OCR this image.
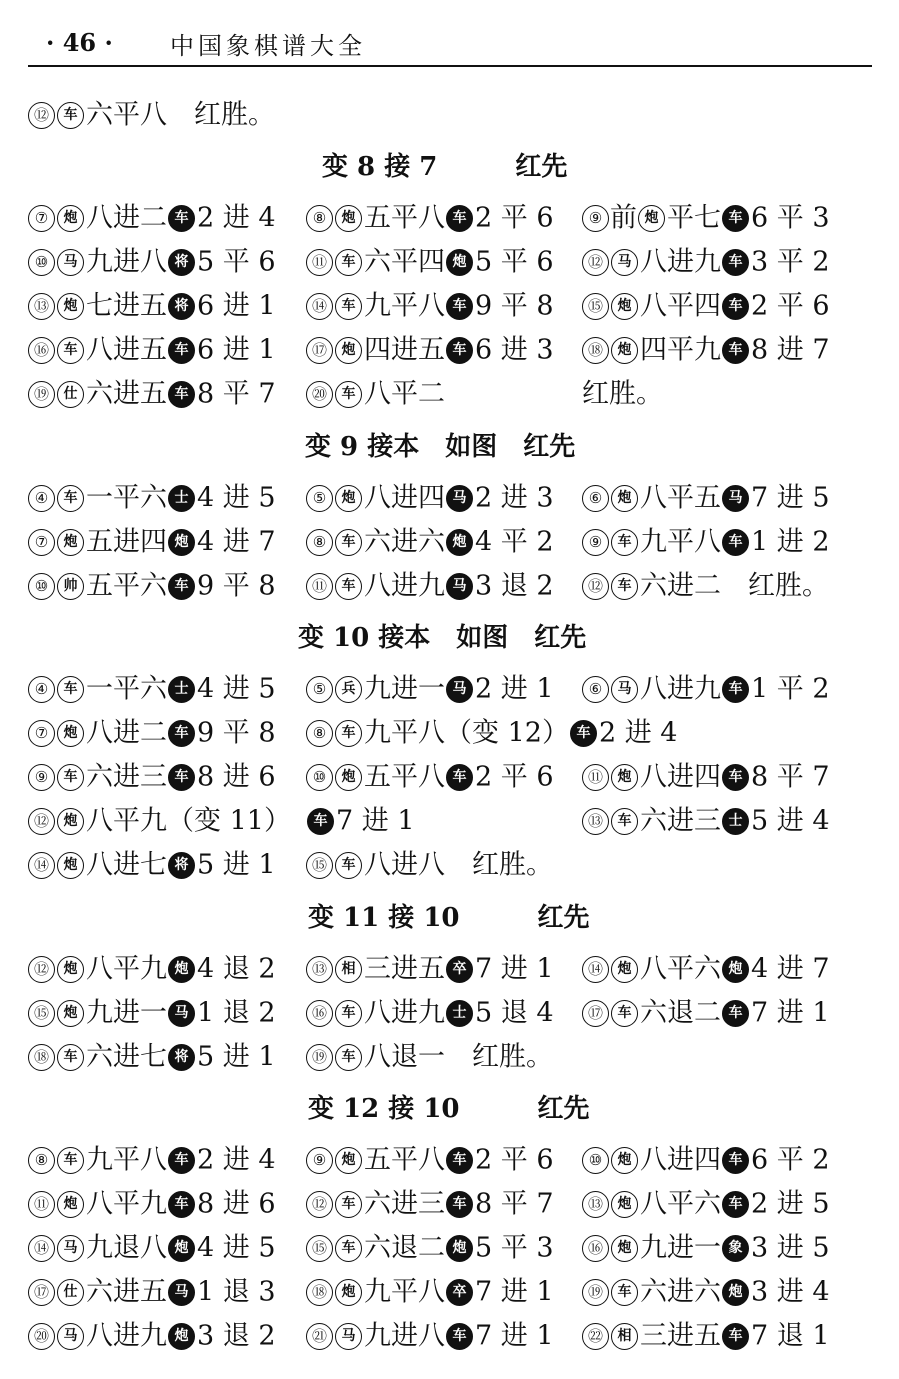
· 46 · 中国象棋谱大全
⑫ 车 六平八　红胜。
变 8 接 7　　　红先
⑦ 炮 八进二 车 2 进 4	⑧ 炮 五平八 车 2 平 6	⑨ 前 炮 平七 车 6 平 3
⑩ 马 九进八 将 5 平 6	⑪ 车 六平四 炮 5 平 6	⑫ 马 八进九 车 3 平 2
⑬ 炮 七进五 将 6 进 1	⑭ 车 九平八 车 9 平 8	⑮ 炮 八平四 车 2 平 6
⑯ 车 八进五 车 6 进 1	⑰ 炮 四进五 车 6 进 3	⑱ 炮 四平九 车 8 进 7
⑲ 仕 六进五 车 8 平 7	⑳ 车 八平二	红胜。
变 9 接本　如图　红先
④ 车 一平六 士 4 进 5	⑤ 炮 八进四 马 2 进 3	⑥ 炮 八平五 马 7 进 5
⑦ 炮 五进四 炮 4 进 7	⑧ 车 六进六 炮 4 平 2	⑨ 车 九平八 车 1 进 2
⑩ 帅 五平六 车 9 平 8	⑪ 车 八进九 马 3 退 2	⑫ 车 六进二　红胜。
变 10 接本　如图　红先
④ 车 一平六 士 4 进 5	⑤ 兵 九进一 马 2 进 1	⑥ 马 八进九 车 1 平 2
⑦ 炮 八进二 车 9 平 8	⑧ 车 九平八（变 12） 车 2 进 4
⑨ 车 六进三 车 8 进 6	⑩ 炮 五平八 车 2 平 6	⑪ 炮 八进四 车 8 平 7
⑫ 炮 八平九（变 11）	车 7 进 1	⑬ 车 六进三 士 5 进 4
⑭ 炮 八进七 将 5 进 1	⑮ 车 八进八　红胜。
变 11 接 10　　　红先
⑫ 炮 八平九 炮 4 退 2	⑬ 相 三进五 卒 7 进 1	⑭ 炮 八平六 炮 4 进 7
⑮ 炮 九进一 马 1 退 2	⑯ 车 八进九 士 5 退 4	⑰ 车 六退二 车 7 进 1
⑱ 车 六进七 将 5 进 1	⑲ 车 八退一　红胜。
变 12 接 10　　　红先
⑧ 车 九平八 车 2 进 4	⑨ 炮 五平八 车 2 平 6	⑩ 炮 八进四 车 6 平 2
⑪ 炮 八平九 车 8 进 6	⑫ 车 六进三 车 8 平 7	⑬ 炮 八平六 车 2 进 5
⑭ 马 九退八 炮 4 进 5	⑮ 车 六退二 炮 5 平 3	⑯ 炮 九进一 象 3 进 5
⑰ 仕 六进五 马 1 退 3	⑱ 炮 九平八 卒 7 进 1	⑲ 车 六进六 炮 3 进 4
⑳ 马 八进九 炮 3 退 2	㉑ 马 九进八 车 7 进 1	㉒ 相 三进五 车 7 退 1
